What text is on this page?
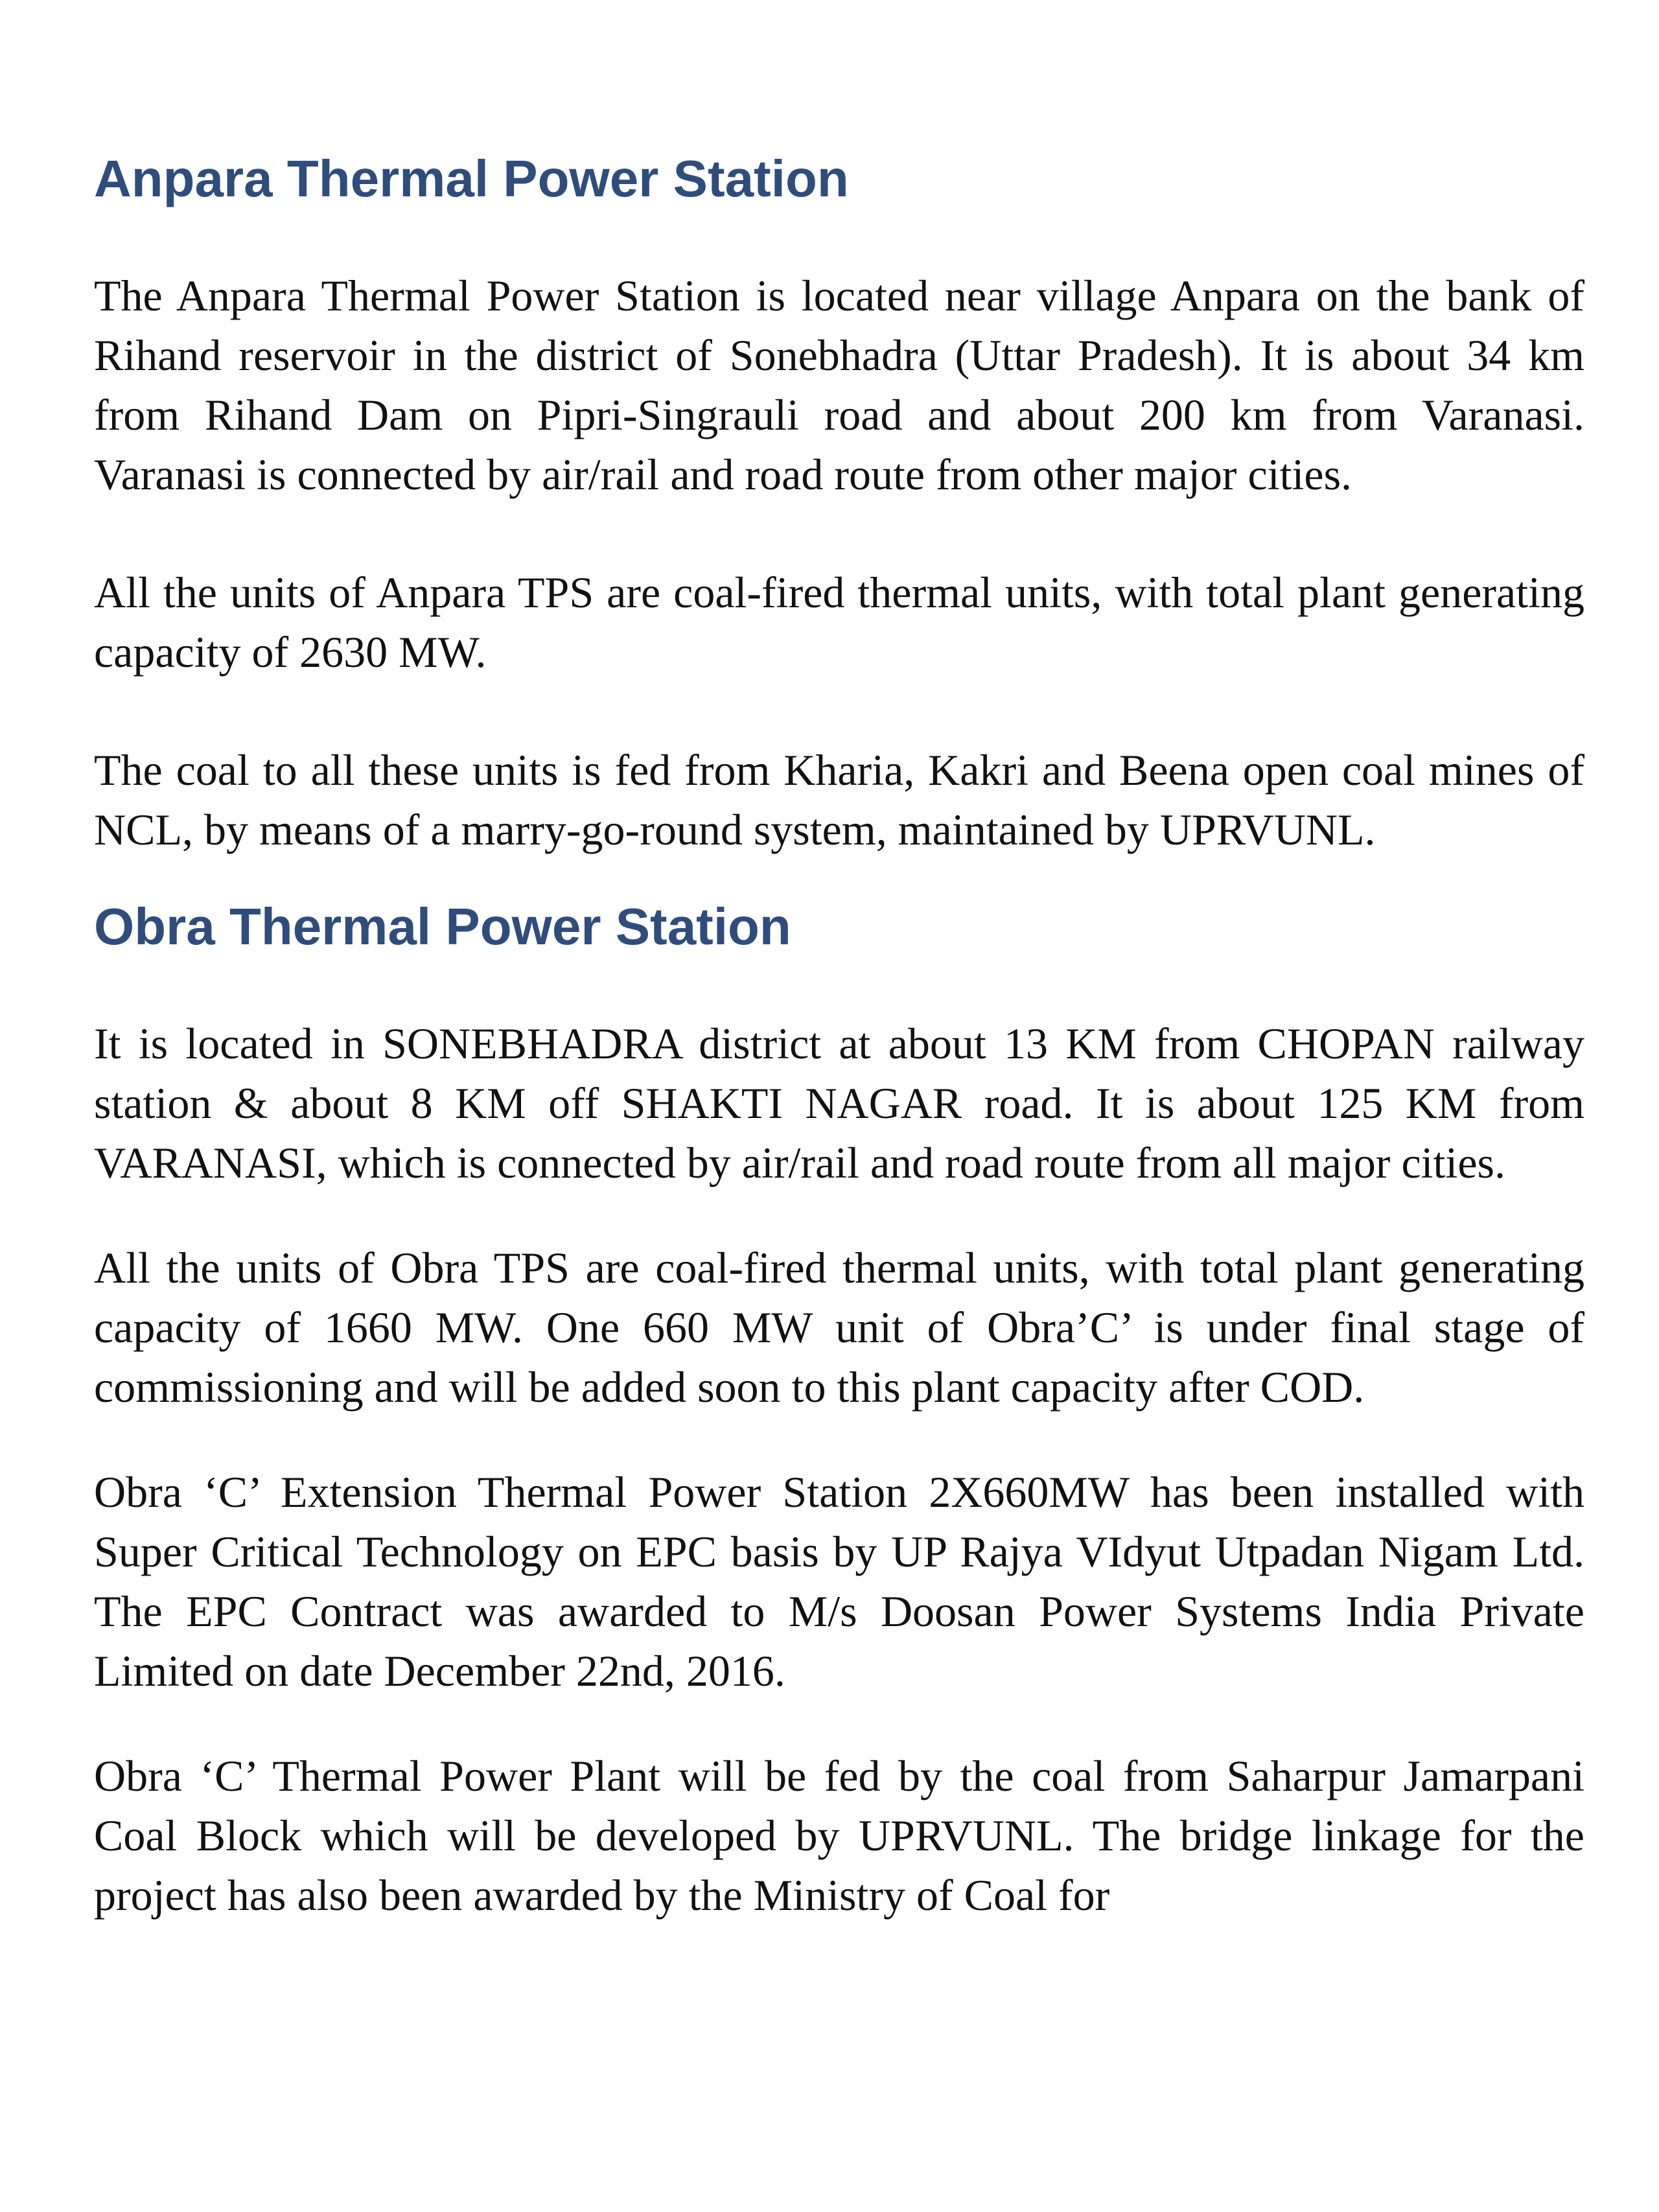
Anpara Thermal Power Station

The Anpara Thermal Power Station is located near village Anpara on the bank of Rihand reservoir in the district of Sonebhadra (Uttar Pradesh). It is about 34 km from Rihand Dam on Pipri-Singrauli road and about 200 km from Varanasi. Varanasi is connected by air/rail and road route from other major cities.

All the units of Anpara TPS are coal-fired thermal units, with total plant generating capacity of 2630 MW.

The coal to all these units is fed from Kharia, Kakri and Beena open coal mines of NCL, by means of a marry-go-round system, maintained by UPRVUNL.

Obra Thermal Power Station

It is located in SONEBHADRA district at about 13 KM from CHOPAN railway station & about 8 KM off SHAKTI NAGAR road. It is about 125 KM from VARANASI, which is connected by air/rail and road route from all major cities.

All the units of Obra TPS are coal-fired thermal units, with total plant generating capacity of 1660 MW. One 660 MW unit of Obra’C’ is under final stage of commissioning and will be added soon to this plant capacity after COD.

Obra ‘C’ Extension Thermal Power Station 2X660MW has been installed with Super Critical Technology on EPC basis by UP Rajya VIdyut Utpadan Nigam Ltd. The EPC Contract was awarded to M/s Doosan Power Systems India Private Limited on date December 22nd, 2016.

Obra ‘C’ Thermal Power Plant will be fed by the coal from Saharpur Jamarpani Coal Block which will be developed by UPRVUNL. The bridge linkage for the project has also been awarded by the Ministry of Coal for
